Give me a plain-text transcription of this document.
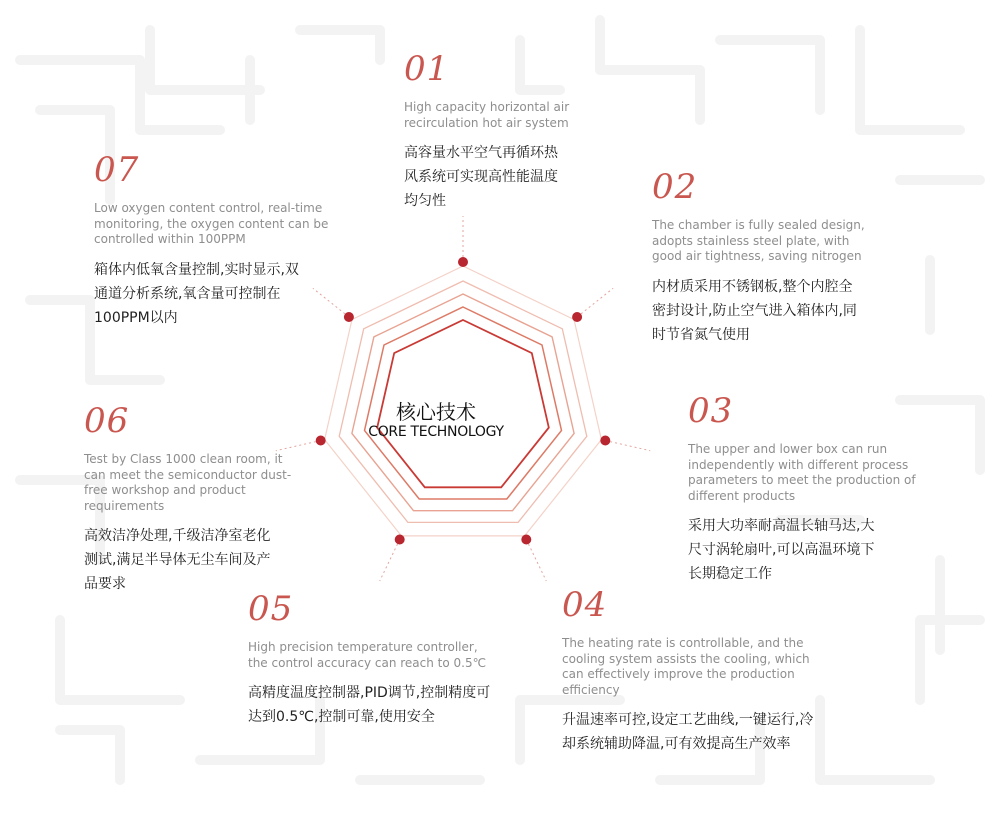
核心技术
CORE TECHNOLOGY
01
High capacity horizontal air recirculation hot air system
高容量水平空气再循环热风系统可实现高性能温度均匀性	02
The chamber is fully sealed design, adopts stainless steel plate, with good air tightness, saving nitrogen
内材质采用不锈钢板,整个内腔全密封设计,防止空气进入箱体内,同时节省氮气使用
03
The upper and lower box can run independently with different process parameters to meet the production of different products
采用大功率耐高温长轴马达,大尺寸涡轮扇叶,可以高温环境下长期稳定工作
04
The heating rate is controllable, and the cooling system assists the cooling, which can effectively improve the production efficiency
升温速率可控,设定工艺曲线,一键运行,冷却系统辅助降温,可有效提高生产效率
05
High precision temperature controller, the control accuracy can reach to 0.5℃
高精度温度控制器,PID调节,控制精度可达到0.5℃,控制可靠,使用安全
06
Test by Class 1000 clean room, it can meet the semiconductor dust-free workshop and product requirements
高效洁净处理,千级洁净室老化测试,满足半导体无尘车间及产品要求
07
Low oxygen content control, real-time monitoring, the oxygen content can be controlled within 100PPM
箱体内低氧含量控制,实时显示,双通道分析系统,氧含量可控制在100PPM以内
